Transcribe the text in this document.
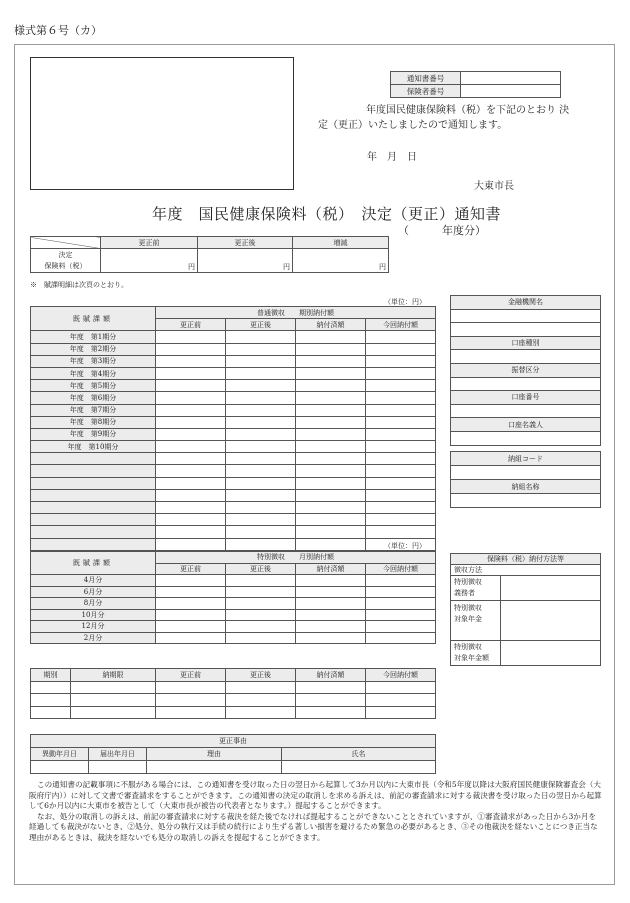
様式第６号（カ）
通知書番号	
保険者番号	
年度国民健康保険料（税）を下記のとおり 決定（更正）いたしましたので通知します。
年　月　日
大東市長
年度　国民健康保険料（税）　決定（更正）通知書
（　　　年度分）
	更正前	更正後	増減
決定
保険料（税）	円	円	円
※　賦課明細は次頁のとおり。
（単位：円）
既賦課額	普通徴収　　期別納付額			
	更正前	更正後	納付済額	今回納付額
年度　第1期分				
年度　第2期分				
年度　第3期分				
年度　第4期分				
年度　第5期分				
年度　第6期分				
年度　第7期分				
年度　第8期分				
年度　第9期分				
年度　第10期分				

金融機関名

口座種別

振替区分

口座番号

口座名義人

納組コード

納組名称

（単位：円）
既賦課額	特別徴収　　月別納付額			
	更正前	更正後	納付済額	今回納付額
4月分				
6月分				
8月分				
10月分				
12月分				
2月分				
保険料（税）納付方法等	
徴収方法	
特別徴収
義務者	
特別徴収
対象年金	
特別徴収
対象年金額	
期別	納期限	更正前	更正後	納付済額	今回納付額

更正事由			
異動年月日	届出年月日	理由	氏名

この通知書の記載事項に不服がある場合には、この通知書を受け取った日の翌日から起算して3か月以内に大東市長（令和5年度以降は大阪府国民健康保険審査会（大阪府庁内））に対して文書で審査請求をすることができます。この通知書の決定の取消しを求める訴えは、前記の審査請求に対する裁決書を受け取った日の翌日から起算して6か月以内に大東市を被告として（大東市長が被告の代表者となります。）提起することができます。

なお、処分の取消しの訴えは、前記の審査請求に対する裁決を経た後でなければ提起することができないこととされていますが、①審査請求があった日から3か月を経過しても裁決がないとき、②処分、処分の執行又は手続の続行により生ずる著しい損害を避けるため緊急の必要があるとき、③その他裁決を経ないことにつき正当な理由があるときは、裁決を経ないでも処分の取消しの訴えを提起することができます。
